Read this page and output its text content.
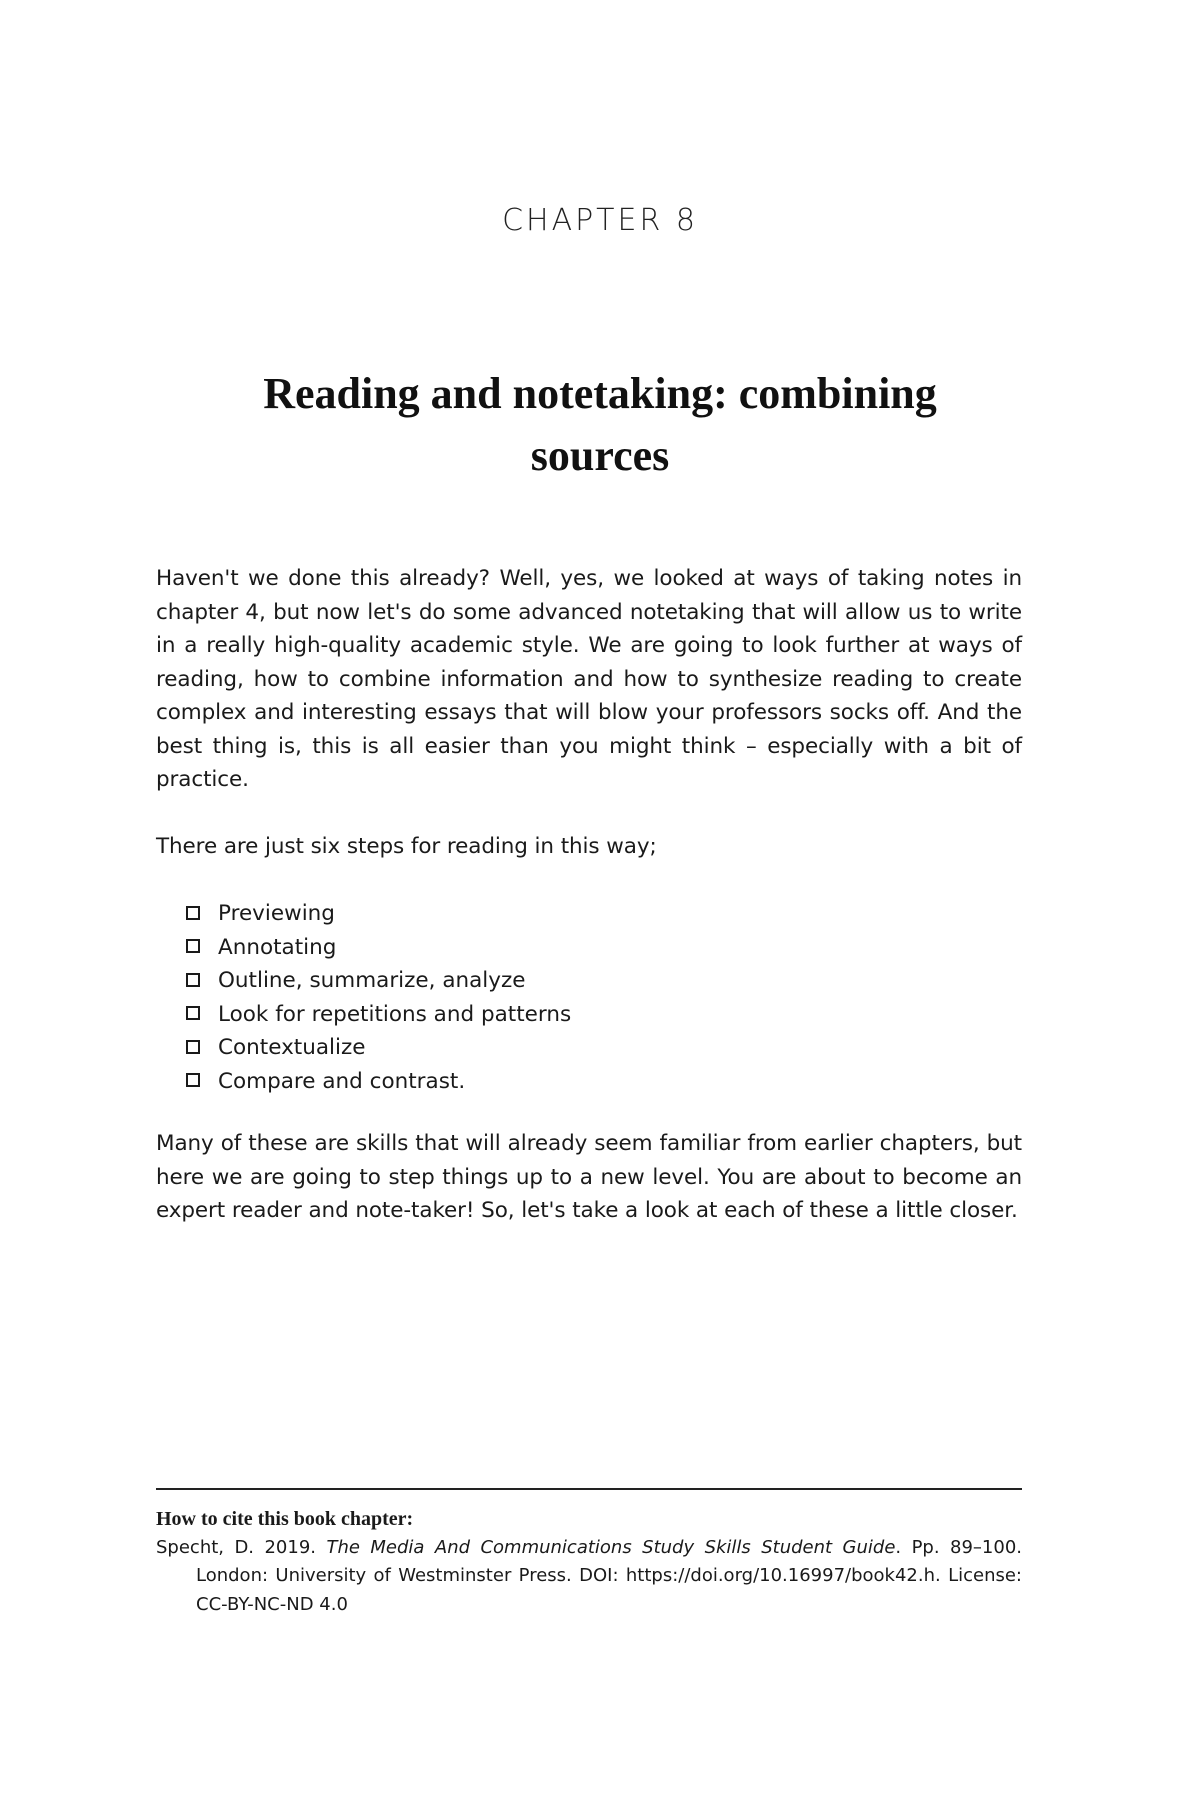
CHAPTER 8
Reading and notetaking: combining sources

Haven't we done this already? Well, yes, we looked at ways of taking notes in chapter 4, but now let's do some advanced notetaking that will allow us to write in a really high-quality academic style. We are going to look further at ways of reading, how to combine information and how to synthesize reading to create complex and interesting essays that will blow your professors socks off. And the best thing is, this is all easier than you might think – especially with a bit of practice.

There are just six steps for reading in this way;

Previewing
Annotating
Outline, summarize, analyze
Look for repetitions and patterns
Contextualize
Compare and contrast.

Many of these are skills that will already seem familiar from earlier chapters, but here we are going to step things up to a new level. You are about to become an expert reader and note-taker! So, let's take a look at each of these a little closer.

How to cite this book chapter:
Specht, D. 2019. The Media And Communications Study Skills Student Guide. Pp. 89–100. London: University of Westminster Press. DOI: https://doi.org/10.16997/book42.h. License: CC-BY-NC-ND 4.0
